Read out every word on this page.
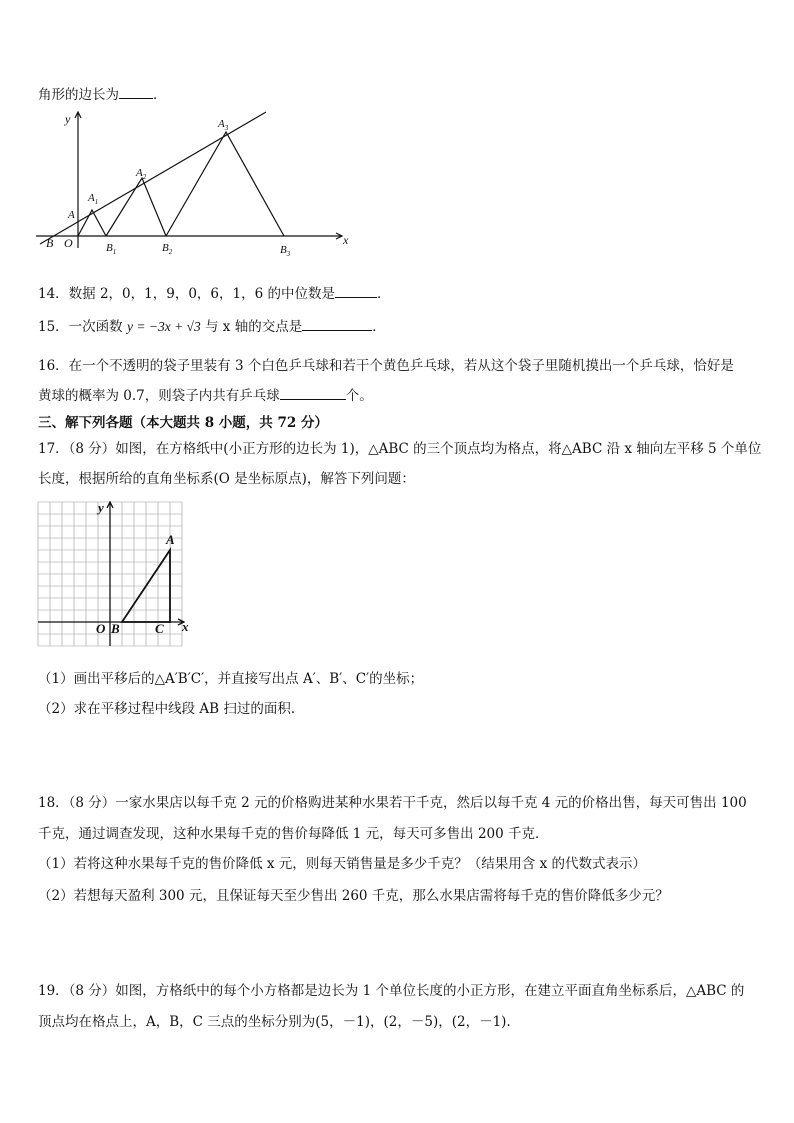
角形的边长为	．
y
x
B O
A
$A_1$
$A_2$
$A_3$
$B_1$	$B_2$	$B_3$
14．数据 2，0，1，9，0，6，1，6 的中位数是	．
15．一次函数 y = −3x + √3 与 x 轴的交点是	．
16．在一个不透明的袋子里装有 3 个白色乒乓球和若干个黄色乒乓球，若从这个袋子里随机摸出一个乒乓球，恰好是
黄球的概率为 0.7，则袋子内共有乒乓球	个。
三、解下列各题（本大题共 8 小题，共 72 分）
17．（8 分）如图，在方格纸中(小正方形的边长为 1)，△ABC 的三个顶点均为格点，将△ABC 沿 x 轴向左平移 5 个单位
长度，根据所给的直角坐标系(O 是坐标原点)，解答下列问题：
y
x
O B	C
A
（1）画出平移后的△A′B′C′，并直接写出点 A′、B′、C′的坐标；
（2）求在平移过程中线段 AB 扫过的面积．
18．（8 分）一家水果店以每千克 2 元的价格购进某种水果若干千克，然后以每千克 4 元的价格出售，每天可售出 100
千克，通过调查发现，这种水果每千克的售价每降低 1 元，每天可多售出 200 千克．
（1）若将这种水果每千克的售价降低 x 元，则每天销售量是多少千克？（结果用含 x 的代数式表示）
（2）若想每天盈利 300 元，且保证每天至少售出 260 千克，那么水果店需将每千克的售价降低多少元？
19．（8 分）如图，方格纸中的每个小方格都是边长为 1 个单位长度的小正方形，在建立平面直角坐标系后，△ABC 的
顶点均在格点上，A，B，C 三点的坐标分别为(5，－1)，(2，－5)，(2，－1).
